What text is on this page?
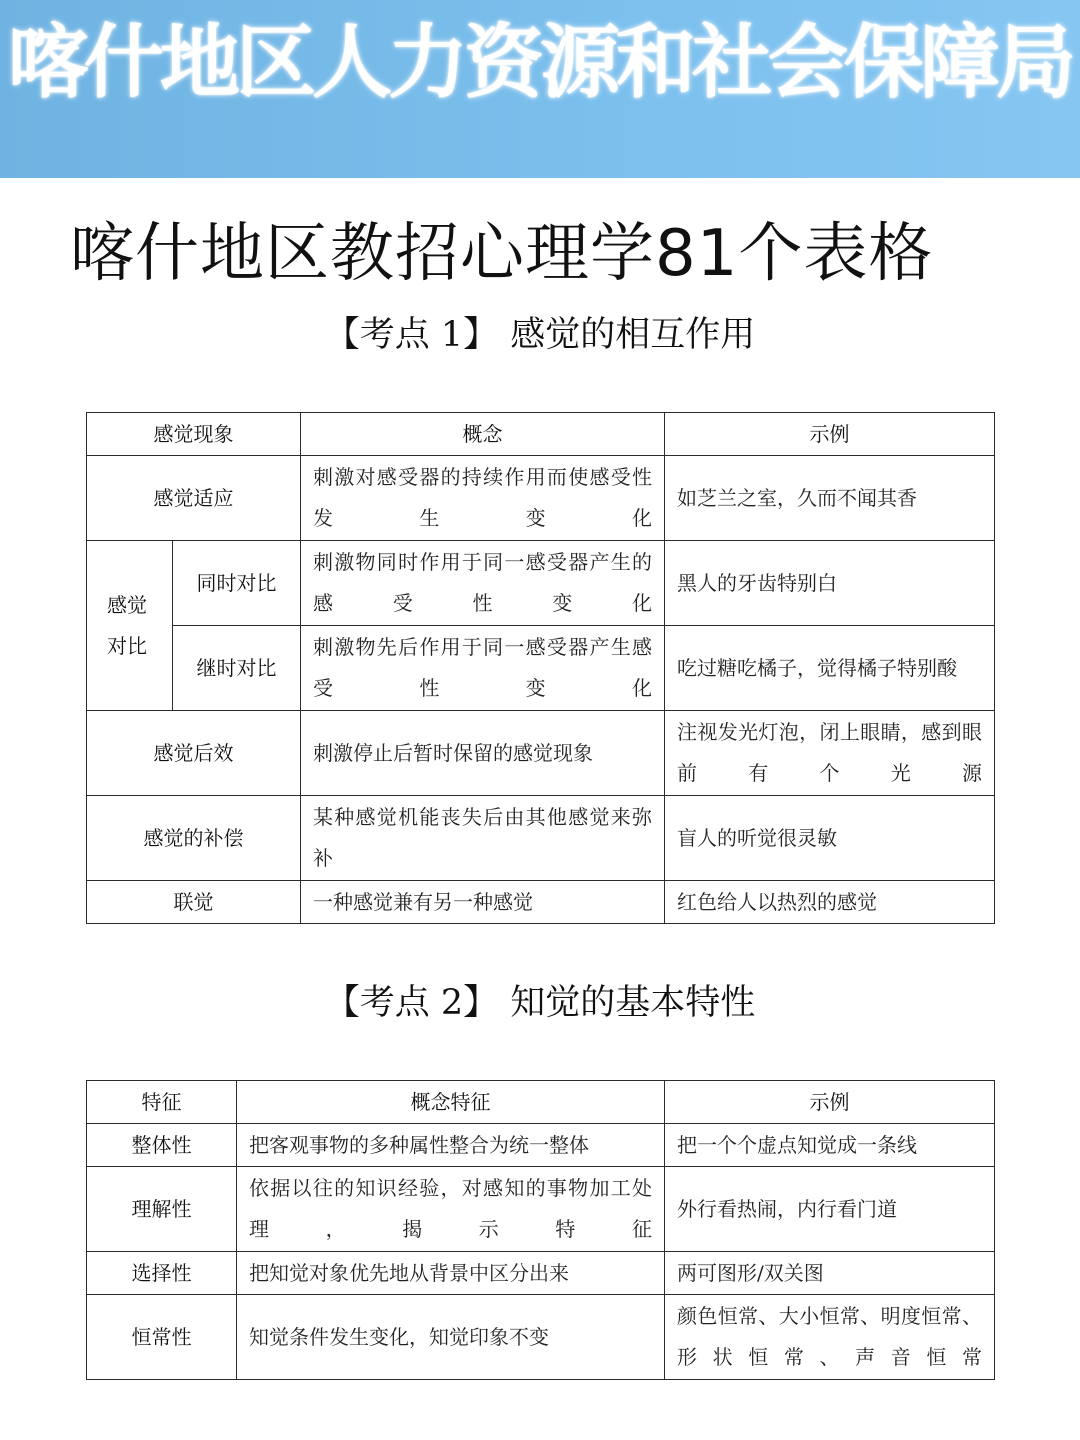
喀什地区人力资源和社会保障局
喀什地区教招心理学81个表格
【考点 1】 感觉的相互作用
感觉现象		概念	示例
感觉适应		刺激对感受器的持续作用而使感受性发生变化	如芝兰之室，久而不闻其香
感觉
对比	同时对比	刺激物同时作用于同一感受器产生的感受性变化	黑人的牙齿特别白
	继时对比	刺激物先后作用于同一感受器产生感受性变化	吃过糖吃橘子，觉得橘子特别酸
感觉后效		刺激停止后暂时保留的感觉现象	注视发光灯泡，闭上眼睛，感到眼前有个光源
感觉的补偿		某种感觉机能丧失后由其他感觉来弥补	盲人的听觉很灵敏
联觉		一种感觉兼有另一种感觉	红色给人以热烈的感觉
【考点 2】 知觉的基本特性
特征	概念特征	示例
整体性	把客观事物的多种属性整合为统一整体	把一个个虚点知觉成一条线
理解性	依据以往的知识经验，对感知的事物加工处理，揭示特征	外行看热闹，内行看门道
选择性	把知觉对象优先地从背景中区分出来	两可图形/双关图
恒常性	知觉条件发生变化，知觉印象不变	颜色恒常、大小恒常、明度恒常、形状恒常、声音恒常
